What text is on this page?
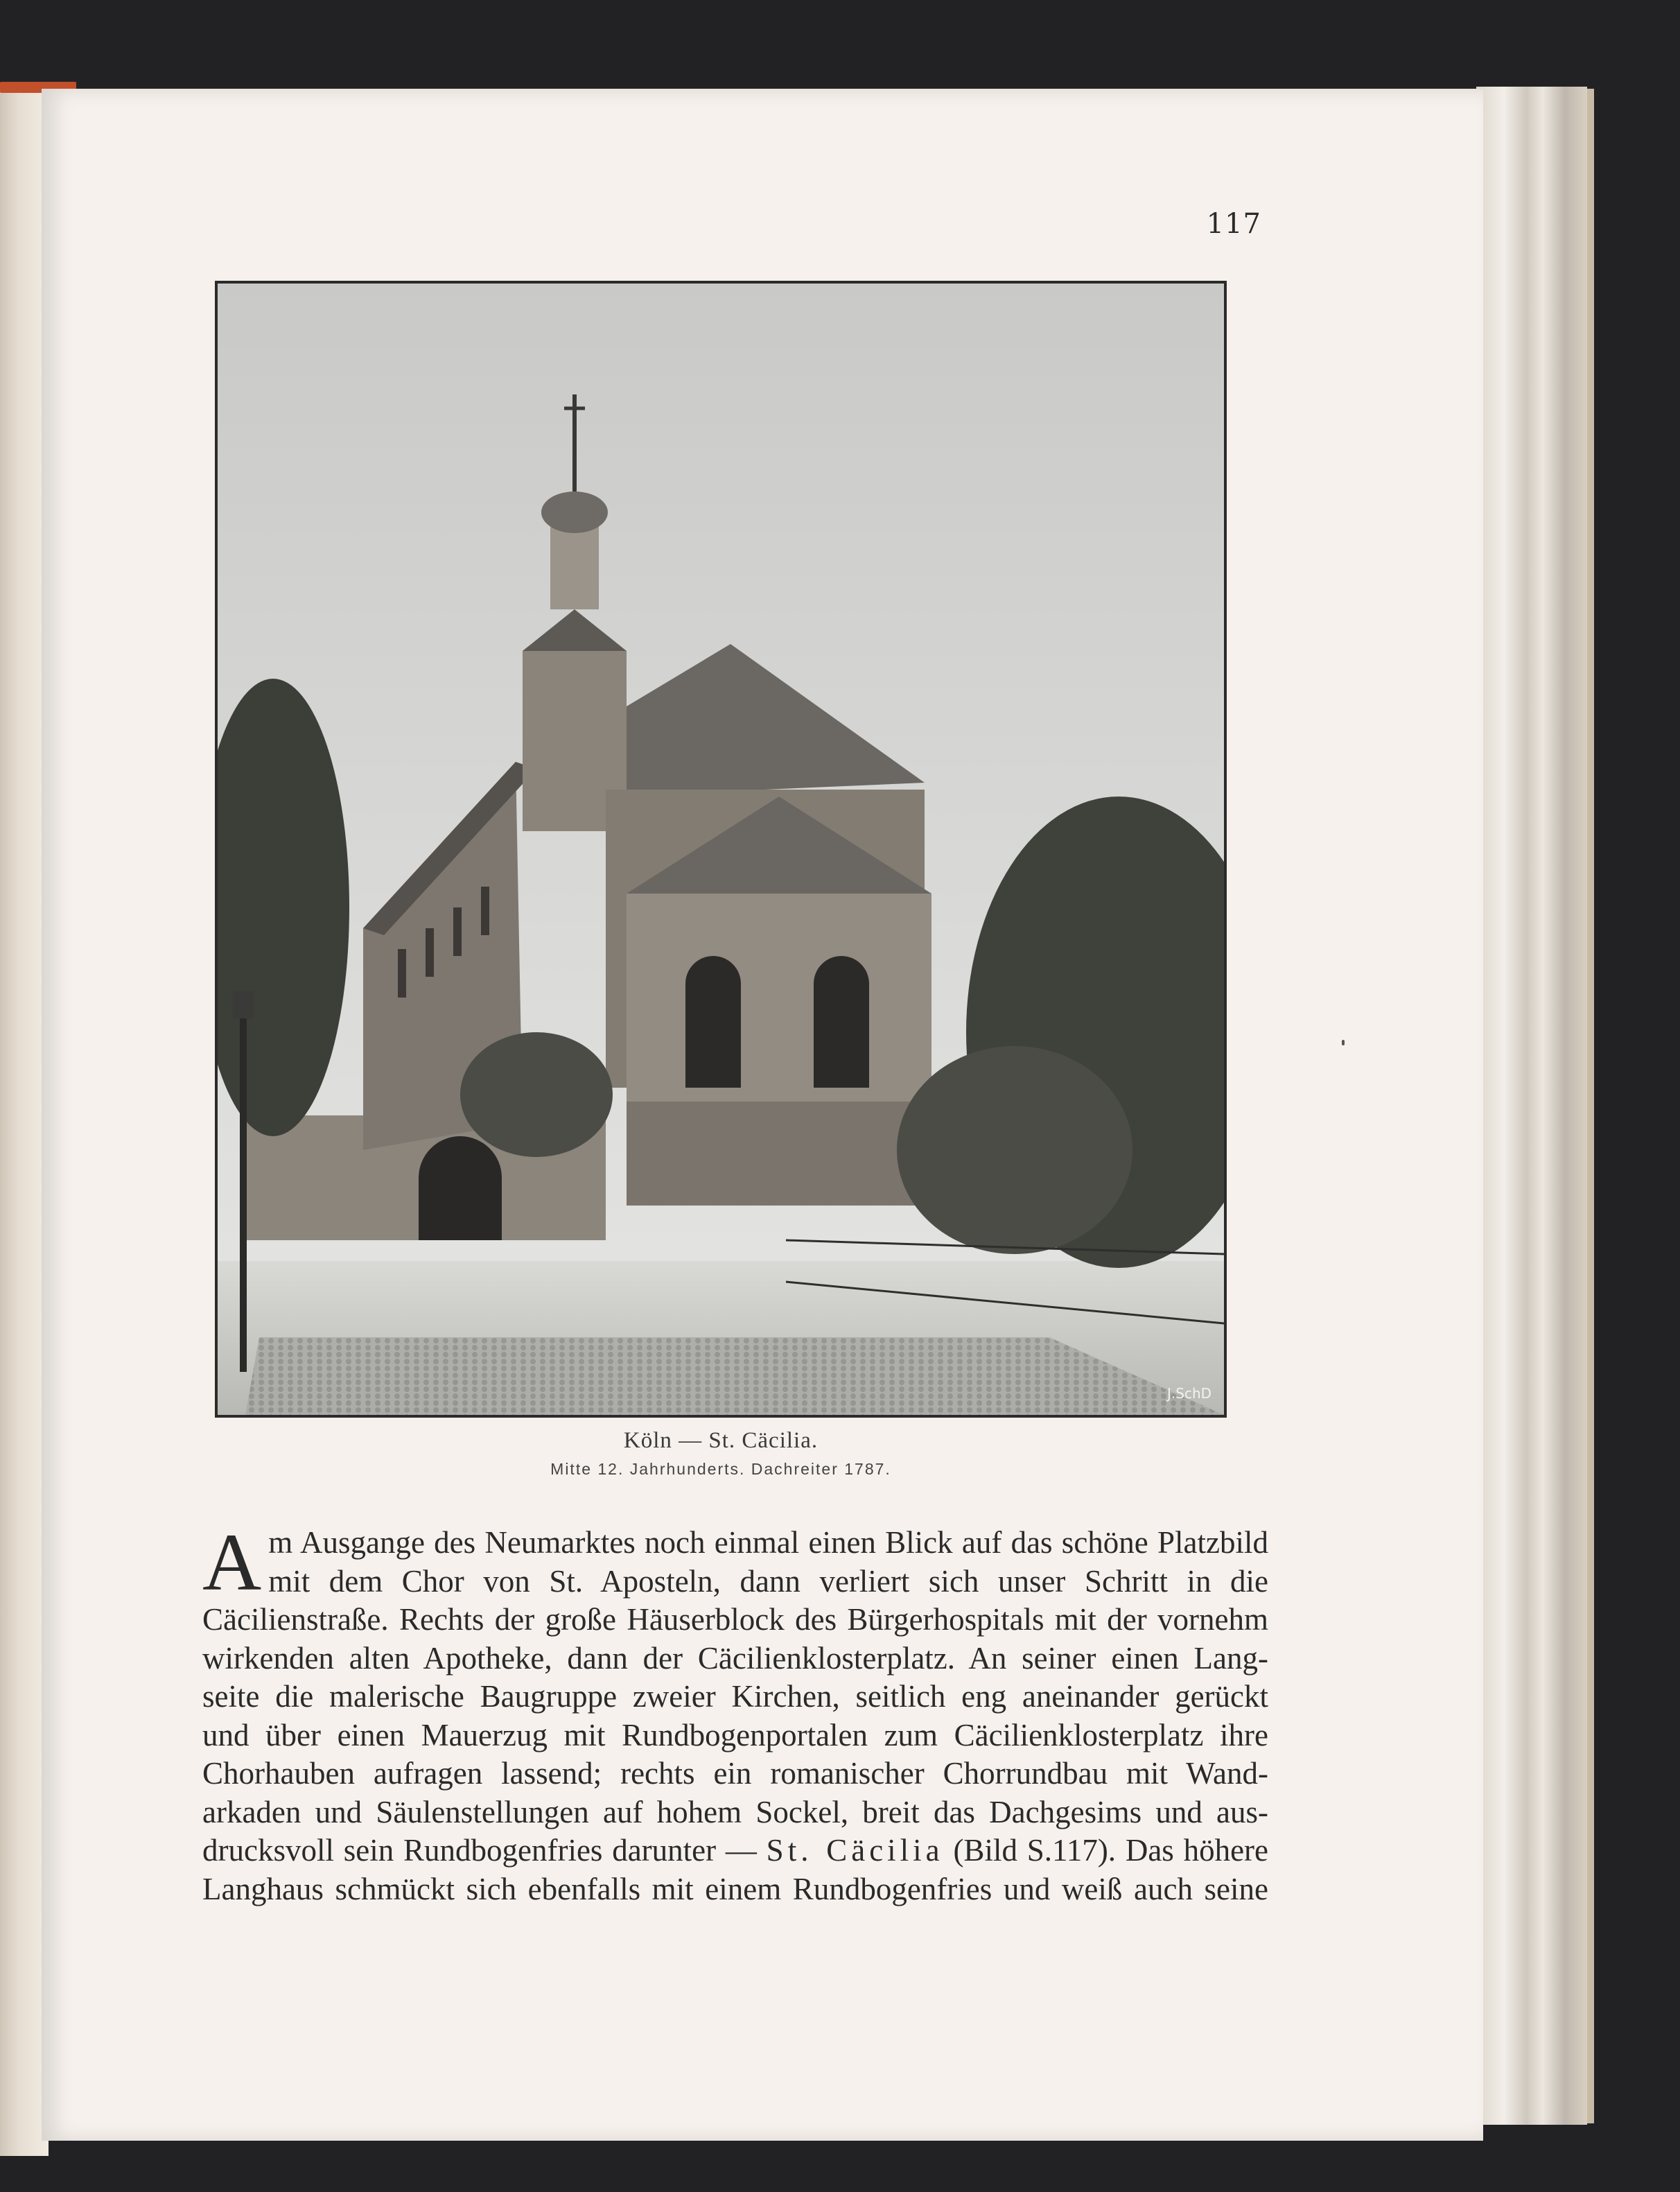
117
J.SchD
Köln — St. Cäcilia.
Mitte 12. Jahrhunderts. Dachreiter 1787.
A m Ausgange des Neumarktes noch einmal einen Blick auf das schöne Platzbild
mit dem Chor von St. Aposteln, dann verliert sich unser Schritt in die
Cäcilienstraße. Rechts der große Häuserblock des Bürgerhospitals mit der vornehm
wirkenden alten Apotheke, dann der Cäcilienklosterplatz. An seiner einen Lang-
seite die malerische Baugruppe zweier Kirchen, seitlich eng aneinander gerückt
und über einen Mauerzug mit Rundbogenportalen zum Cäcilienklosterplatz ihre
Chorhauben aufragen lassend; rechts ein romanischer Chorrundbau mit Wand-
arkaden und Säulenstellungen auf hohem Sockel, breit das Dachgesims und aus-
drucksvoll sein Rundbogenfries darunter — St. Cäcilia (Bild S.117). Das höhere
Langhaus schmückt sich ebenfalls mit einem Rundbogenfries und weiß auch seine
